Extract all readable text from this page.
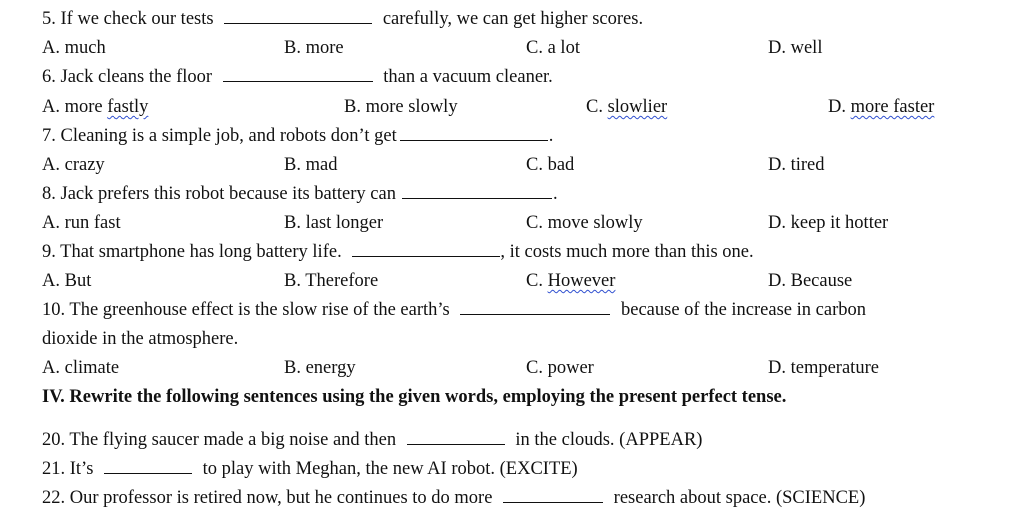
5. If we check our tests	carefully, we can get higher scores.
A. much	B. more	C. a lot	D. well
6. Jack cleans the floor	than a vacuum cleaner.
A. more fastly	B. more slowly	C. slowlier	D. more faster
7. Cleaning is a simple job, and robots don’t get	.
A. crazy	B. mad	C. bad	D. tired
8. Jack prefers this robot because its battery can	.
A. run fast	B. last longer	C. move slowly	D. keep it hotter
9. That smartphone has long battery life.	, it costs much more than this one.
A. But	B. Therefore	C. However	D. Because
10. The greenhouse effect is the slow rise of the earth’s	because of the increase in carbon
dioxide in the atmosphere.
A. climate	B. energy	C. power	D. temperature
IV. Rewrite the following sentences using the given words, employing the present perfect tense.
20. The flying saucer made a big noise and then	in the clouds. (APPEAR)
21. It’s	to play with Meghan, the new AI robot. (EXCITE)
22. Our professor is retired now, but he continues to do more	research about space. (SCIENCE)
